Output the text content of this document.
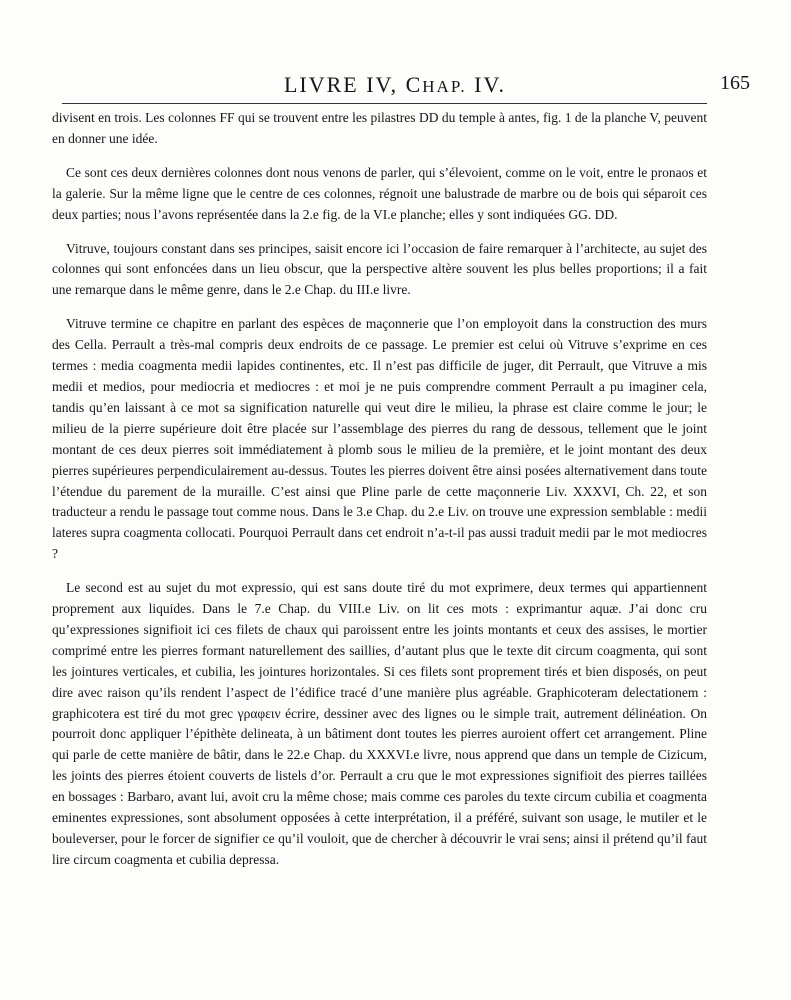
LIVRE IV, CHAP. IV.	165

divisent en trois. Les colonnes FF qui se trouvent entre les pilastres DD du temple à antes, fig. 1 de la planche V, peuvent en donner une idée.

Ce sont ces deux dernières colonnes dont nous venons de parler, qui s’élevoient, comme on le voit, entre le pronaos et la galerie. Sur la même ligne que le centre de ces colonnes, régnoit une balustrade de marbre ou de bois qui séparoit ces deux parties; nous l’avons représentée dans la 2.e fig. de la VI.e planche; elles y sont indiquées GG. DD.

Vitruve, toujours constant dans ses principes, saisit encore ici l’occasion de faire remarquer à l’architecte, au sujet des colonnes qui sont enfoncées dans un lieu obscur, que la perspective altère souvent les plus belles proportions; il a fait une remarque dans le même genre, dans le 2.e Chap. du III.e livre.

Vitruve termine ce chapitre en parlant des espèces de maçonnerie que l’on employoit dans la construction des murs des Cella. Perrault a très-mal compris deux endroits de ce passage. Le premier est celui où Vitruve s’exprime en ces termes : media coagmenta medii lapides continentes, etc. Il n’est pas difficile de juger, dit Perrault, que Vitruve a mis medii et medios, pour mediocria et mediocres : et moi je ne puis comprendre comment Perrault a pu imaginer cela, tandis qu’en laissant à ce mot sa signification naturelle qui veut dire le milieu, la phrase est claire comme le jour; le milieu de la pierre supérieure doit être placée sur l’assemblage des pierres du rang de dessous, tellement que le joint montant de ces deux pierres soit immédiatement à plomb sous le milieu de la première, et le joint montant des deux pierres supérieures perpendiculairement au-dessus. Toutes les pierres doivent être ainsi posées alternativement dans toute l’étendue du parement de la muraille. C’est ainsi que Pline parle de cette maçonnerie Liv. XXXVI, Ch. 22, et son traducteur a rendu le passage tout comme nous. Dans le 3.e Chap. du 2.e Liv. on trouve une expression semblable : medii lateres supra coagmenta collocati. Pourquoi Perrault dans cet endroit n’a-t-il pas aussi traduit medii par le mot mediocres ?

Le second est au sujet du mot expressio, qui est sans doute tiré du mot exprimere, deux termes qui appartiennent proprement aux liquides. Dans le 7.e Chap. du VIII.e Liv. on lit ces mots : exprimantur aquæ. J’ai donc cru qu’expressiones signifioit ici ces filets de chaux qui paroissent entre les joints montants et ceux des assises, le mortier comprimé entre les pierres formant naturellement des saillies, d’autant plus que le texte dit circum coagmenta, qui sont les jointures verticales, et cubilia, les jointures horizontales. Si ces filets sont proprement tirés et bien disposés, on peut dire avec raison qu’ils rendent l’aspect de l’édifice tracé d’une manière plus agréable. Graphicoteram delectationem : graphicotera est tiré du mot grec γραφειν écrire, dessiner avec des lignes ou le simple trait, autrement délinéation. On pourroit donc appliquer l’épithète delineata, à un bâtiment dont toutes les pierres auroient offert cet arrangement. Pline qui parle de cette manière de bâtir, dans le 22.e Chap. du XXXVI.e livre, nous apprend que dans un temple de Cizicum, les joints des pierres étoient couverts de listels d’or. Perrault a cru que le mot expressiones signifioit des pierres taillées en bossages : Barbaro, avant lui, avoit cru la même chose; mais comme ces paroles du texte circum cubilia et coagmenta eminentes expressiones, sont absolument opposées à cette interprétation, il a préféré, suivant son usage, le mutiler et le bouleverser, pour le forcer de signifier ce qu’il vouloit, que de chercher à découvrir le vrai sens; ainsi il prétend qu’il faut lire circum coagmenta et cubilia depressa.
